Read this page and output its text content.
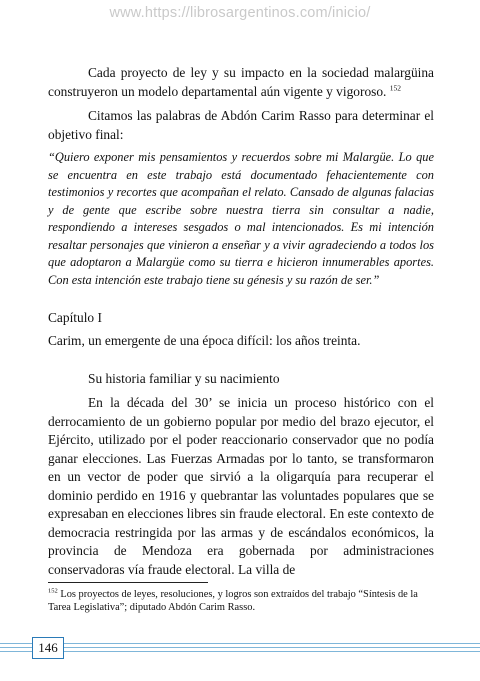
www.https://librosargentinos.com/inicio/

Cada proyecto de ley y su impacto en la sociedad malargüina construyeron un modelo departamental aún vigente y vigoroso. $^{152}$

Citamos las palabras de Abdón Carim Rasso para determinar el objetivo final:

“Quiero exponer mis pensamientos y recuerdos sobre mi Malargüe. Lo que se encuentra en este trabajo está documentado fehacientemente con testimonios y recortes que acompañan el relato. Cansado de algunas falacias y de gente que escribe sobre nuestra tierra sin consultar a nadie, respondiendo a intereses sesgados o mal intencionados. Es mi intención resaltar personajes que vinieron a enseñar y a vivir agradeciendo a todos los que adoptaron a Malargüe como su tierra e hicieron innumerables aportes. Con esta intención este trabajo tiene su génesis y su razón de ser.”

Capítulo I

Carim, un emergente de una época difícil: los años treinta.

Su historia familiar y su nacimiento

En la década del 30’ se inicia un proceso histórico con el derrocamiento de un gobierno popular por medio del brazo ejecutor, el Ejército, utilizado por el poder reaccionario conservador que no podía ganar elecciones. Las Fuerzas Armadas por lo tanto, se transformaron en un vector de poder que sirvió a la oligarquía para recuperar el dominio perdido en 1916 y quebrantar las voluntades populares que se expresaban en elecciones libres sin fraude electoral. En este contexto de democracia restringida por las armas y de escándalos económicos, la provincia de Mendoza era gobernada por administraciones conservadoras vía fraude electoral. La villa de

$^{152}$ Los proyectos de leyes, resoluciones, y logros son extraídos del trabajo “Síntesis de la Tarea Legislativa”; diputado Abdón Carim Rasso.

146
